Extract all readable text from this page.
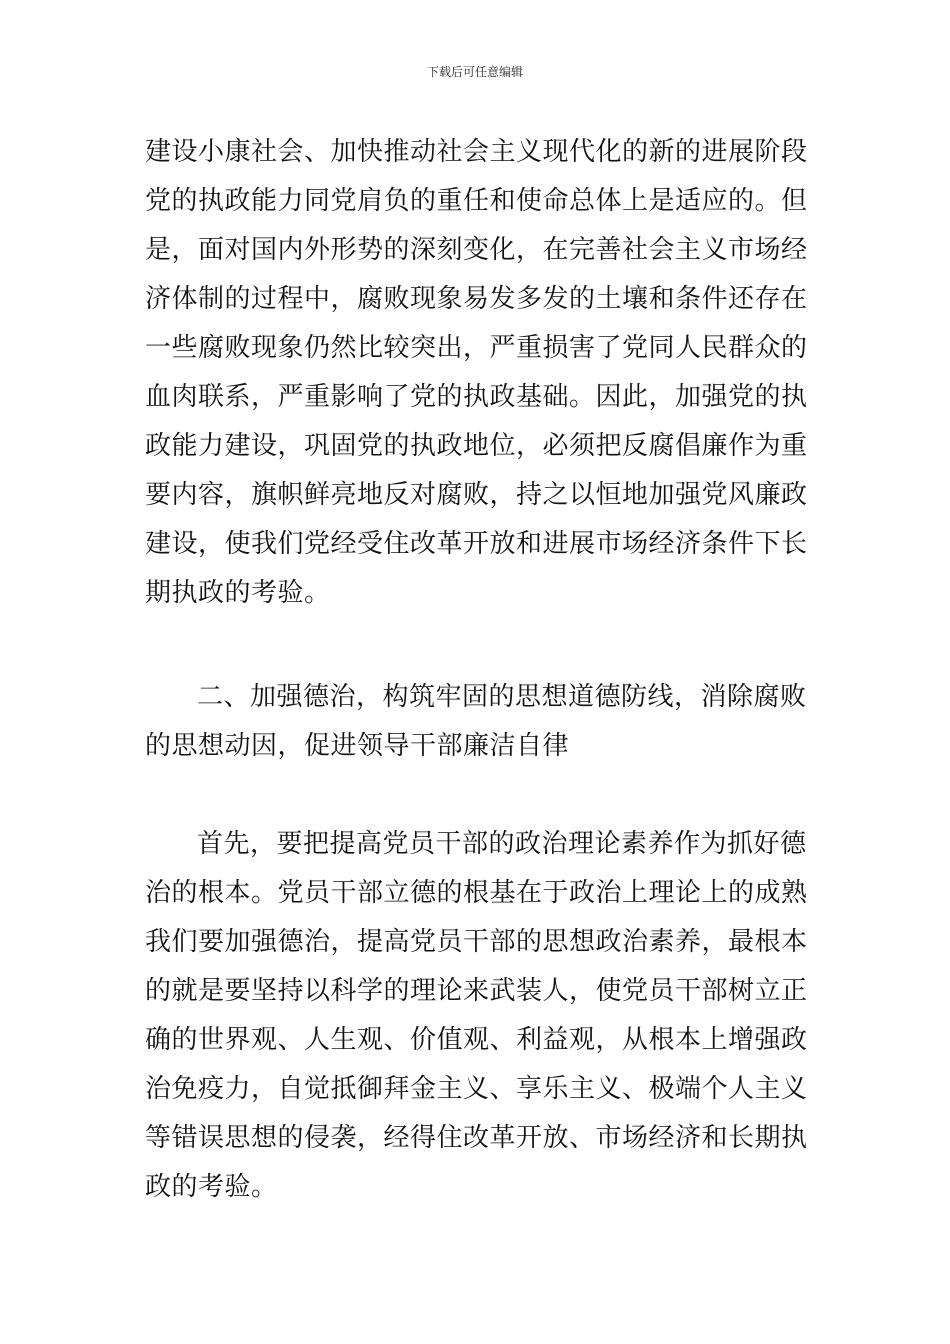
下载后可任意编辑
建设小康社会、加快推动社会主义现代化的新的进展阶段
党的执政能力同党肩负的重任和使命总体上是适应的。但
是，面对国内外形势的深刻变化，在完善社会主义市场经
济体制的过程中，腐败现象易发多发的土壤和条件还存在
一些腐败现象仍然比较突出，严重损害了党同人民群众的
血肉联系，严重影响了党的执政基础。因此，加强党的执
政能力建设，巩固党的执政地位，必须把反腐倡廉作为重
要内容，旗帜鲜亮地反对腐败，持之以恒地加强党风廉政
建设，使我们党经受住改革开放和进展市场经济条件下长
期执政的考验。
二、加强德治，构筑牢固的思想道德防线，消除腐败
的思想动因，促进领导干部廉洁自律
首先，要把提高党员干部的政治理论素养作为抓好德
治的根本。党员干部立德的根基在于政治上理论上的成熟
我们要加强德治，提高党员干部的思想政治素养，最根本
的就是要坚持以科学的理论来武装人，使党员干部树立正
确的世界观、人生观、价值观、利益观，从根本上增强政
治免疫力，自觉抵御拜金主义、享乐主义、极端个人主义
等错误思想的侵袭，经得住改革开放、市场经济和长期执
政的考验。
